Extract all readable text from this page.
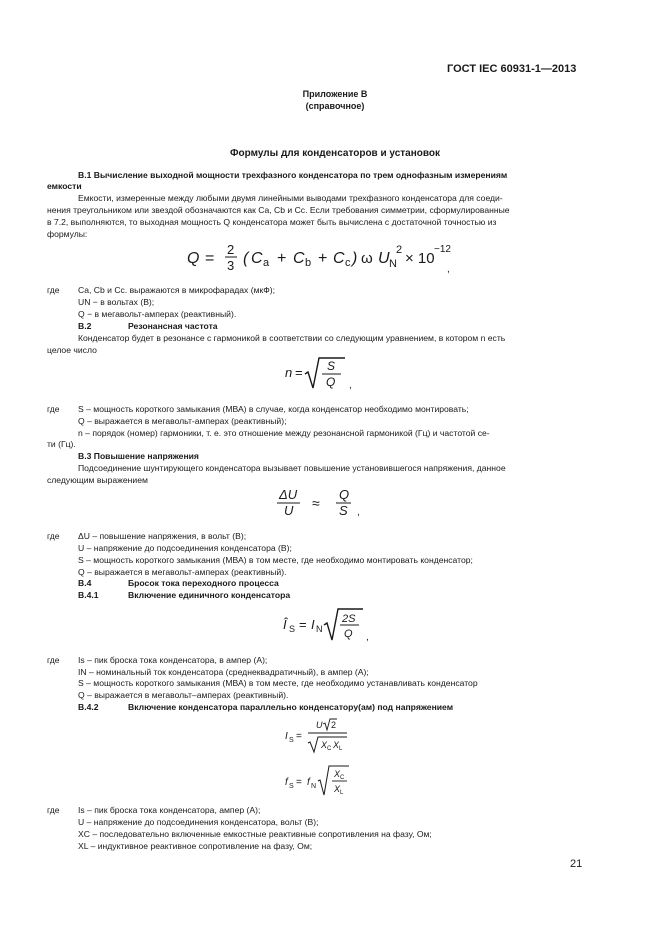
ГОСТ IEC 60931-1—2013
Приложение В
(справочное)
Формулы для конденсаторов и установок
В.1 Вычисление выходной мощности трехфазного конденсатора по трем однофазным измерениям
емкости
Емкости, измеренные между любыми двумя линейными выводами трехфазного конденсатора для соеди-
нения треугольником или звездой обозначаются как Сa, Сb и Сc. Если требования симметрии, сформулированные
в 7.2, выполняются, то выходная мощность Q конденсатора может быть вычислена с достаточной точностью из
формулы:
Q =
2
3 ( C a + C b + C c ) ω U N
2 × 10
−12
,
где Сa, Сb и Сc. выражаются в микрофарадах (мкФ);
UN − в вольтах (В);
Q − в мегавольт-амперах (реактивный).
В.2	Резонансная частота
Конденсатор будет в резонансе с гармоникой в соответствии со следующим уравнением, в котором n есть
целое число
n = S
Q ,
где S – мощность короткого замыкания (МВА) в случае, когда конденсатор необходимо монтировать;
Q – выражается в мегавольт-амперах (реактивный);
n – порядок (номер) гармоники, т. е. это отношение между резонансной гармоникой (Гц) и частотой се-
ти (Гц).
В.3 Повышение напряжения
Подсоединение шунтирующего конденсатора вызывает повышение установившегося напряжения, данное
следующим выражением
ΔU
U ≈
Q
S ,
где ΔU – повышение напряжения, в вольт (В);
U – напряжение до подсоединения конденсатора (В);
S – мощность короткого замыкания (МВА) в том месте, где необходимо монтировать конденсатор;
Q – выражается в мегавольт-амперах (реактивный).
В.4	Бросок тока переходного процесса
В.4.1	Включение единичного конденсатора
Î S = I N
2S
Q ,
где Is – пик броска тока конденсатора, в ампер (А);
IN – номинальный ток конденсатора (среднеквадратичный), в ампер (А);
S – мощность короткого замыкания (МВА) в том месте, где необходимо устанавливать конденсатор
Q – выражается в мегавольт–амперах (реактивный).
В.4.2	Включение конденсатора параллельно конденсатору(ам) под напряжением
I S =
U 2
X C X L
f S = f N
X C
X L
где Is – пик броска тока конденсатора, ампер (А);
U – напряжение до подсоединения конденсатора, вольт (В);
XC – последовательно включенные емкостные реактивные сопротивления на фазу, Ом;
XL – индуктивное реактивное сопротивление на фазу, Ом;
21
